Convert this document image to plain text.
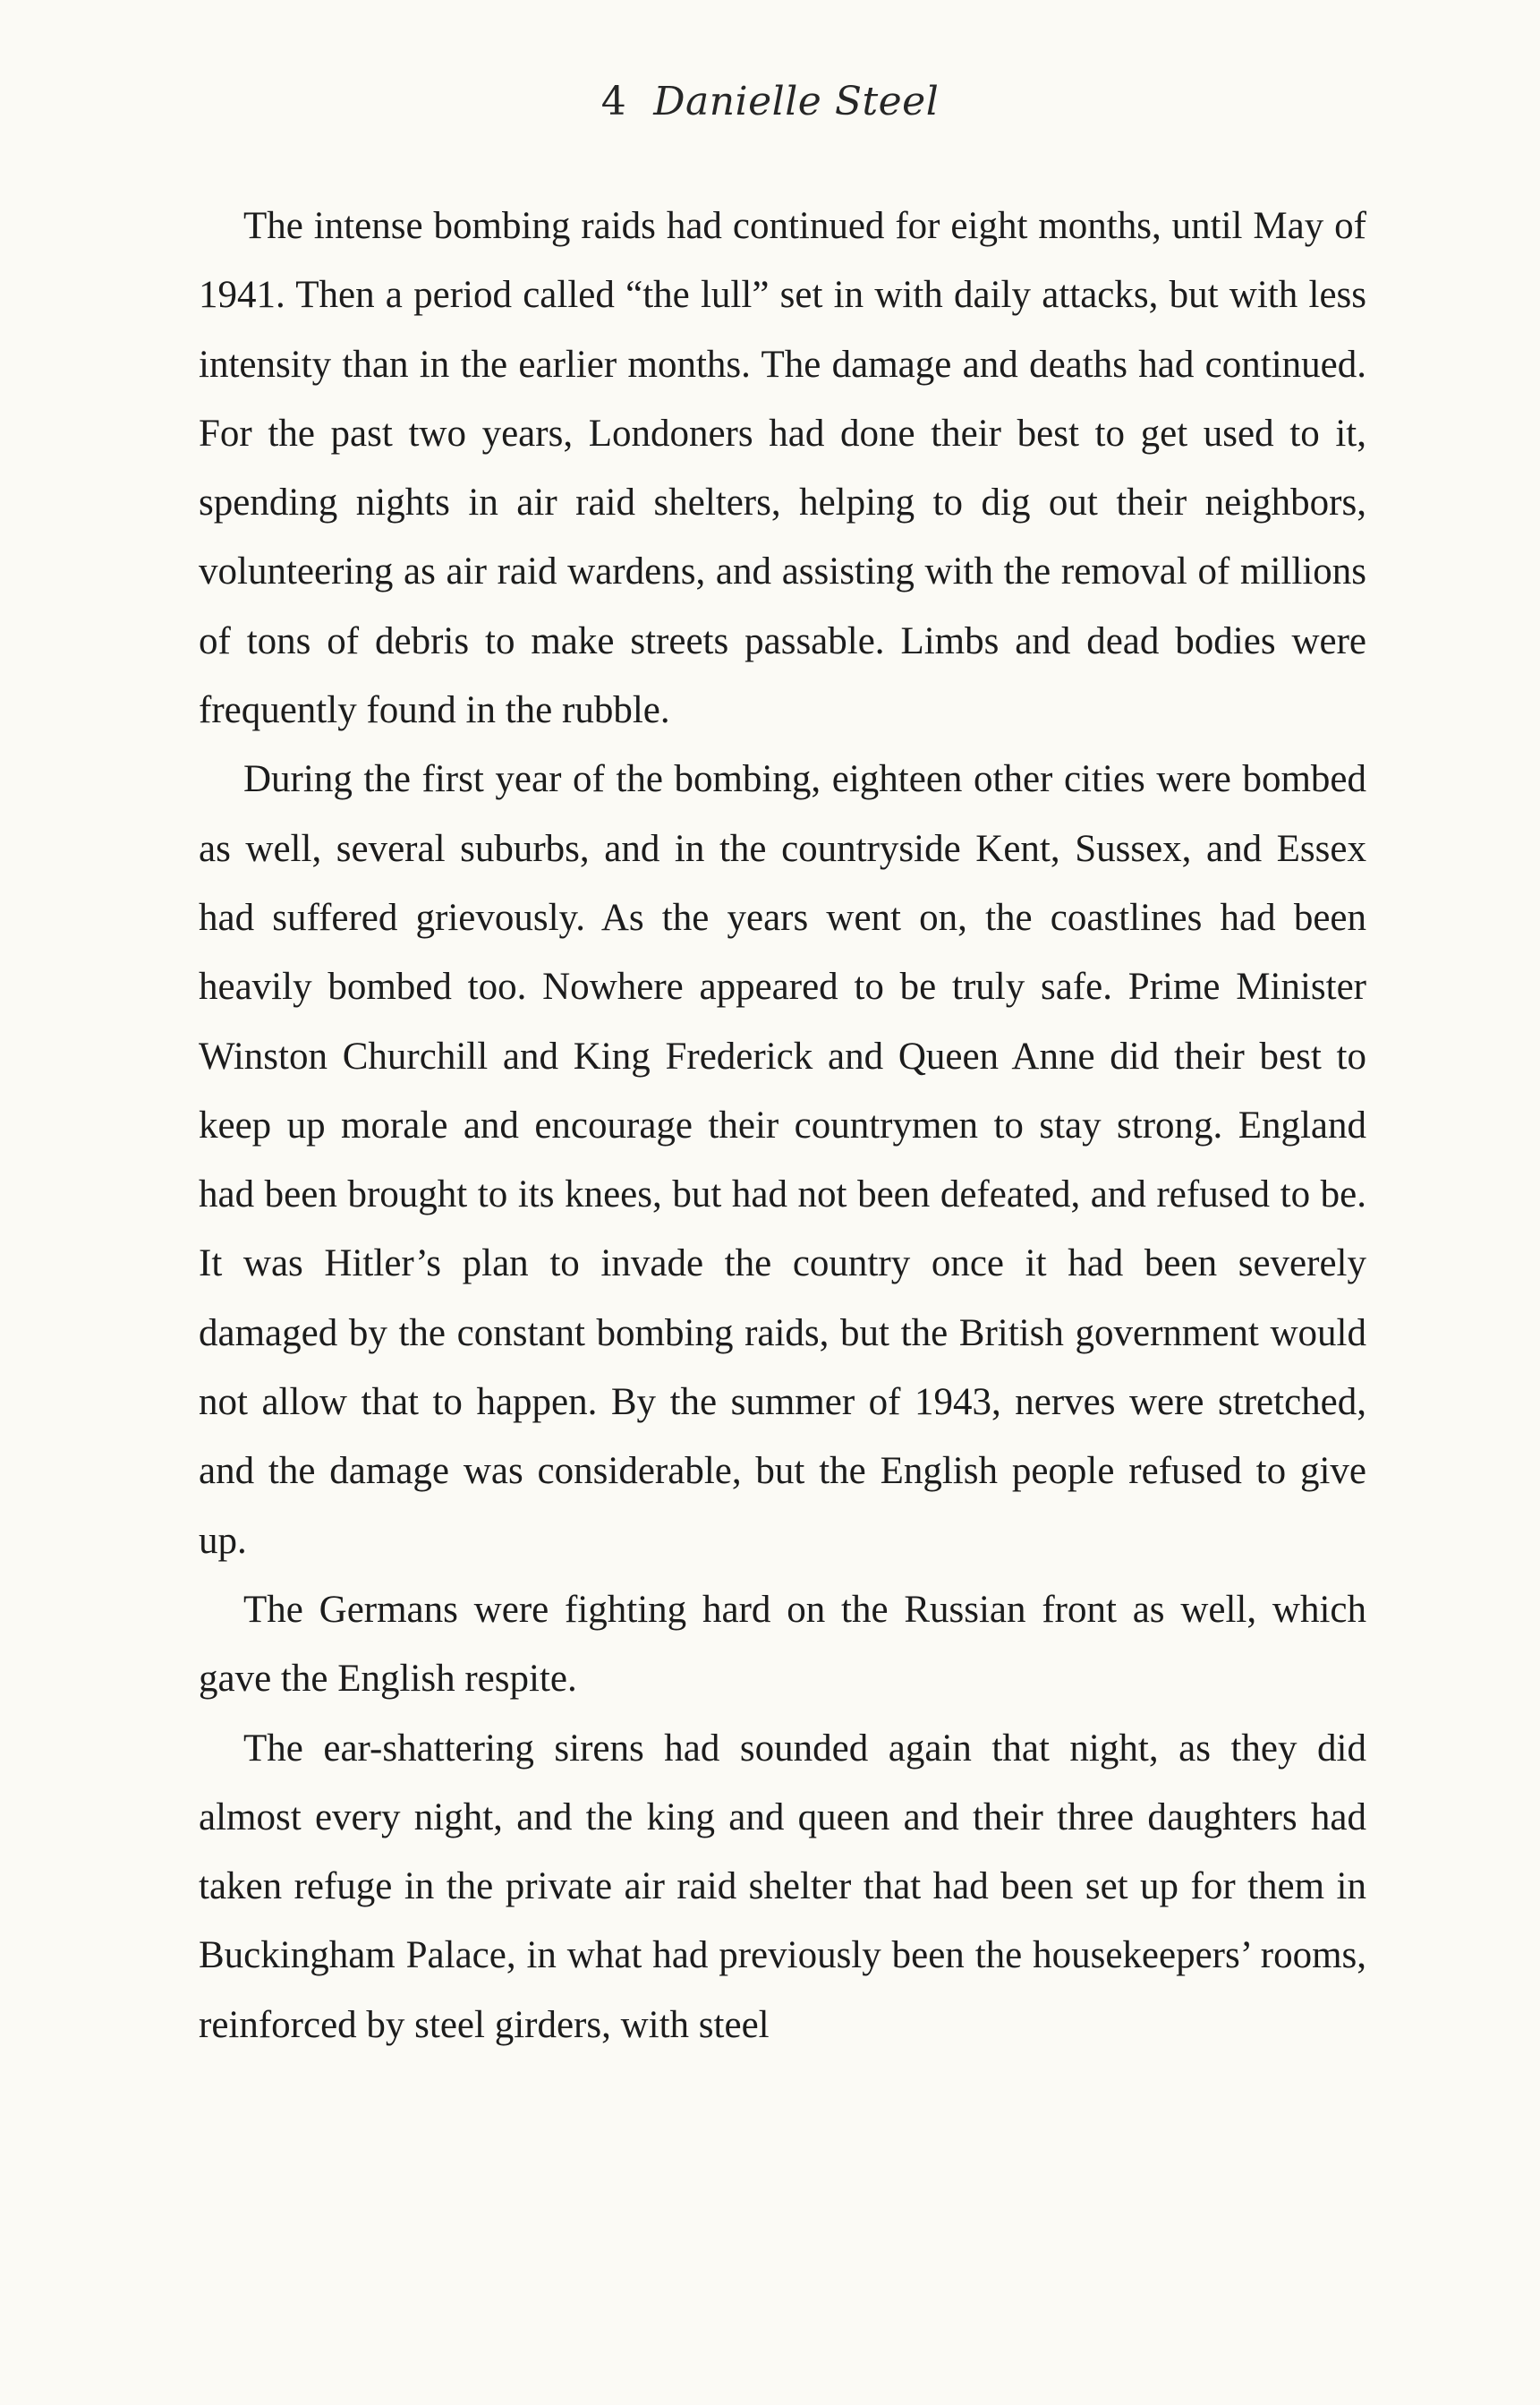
4 Danielle Steel

The intense bombing raids had continued for eight months, until May of 1941. Then a period called “the lull” set in with daily attacks, but with less intensity than in the earlier months. The damage and deaths had continued. For the past two years, Londoners had done their best to get used to it, spending nights in air raid shelters, helping to dig out their neighbors, volunteering as air raid wardens, and assisting with the removal of millions of tons of debris to make streets passable. Limbs and dead bodies were frequently found in the rubble.

During the first year of the bombing, eighteen other cities were bombed as well, several suburbs, and in the countryside Kent, Sussex, and Essex had suffered grievously. As the years went on, the coastlines had been heavily bombed too. Nowhere appeared to be truly safe. Prime Minister Winston Churchill and King Frederick and Queen Anne did their best to keep up morale and encourage their countrymen to stay strong. England had been brought to its knees, but had not been defeated, and refused to be. It was Hitler’s plan to invade the country once it had been severely damaged by the constant bombing raids, but the British government would not allow that to happen. By the summer of 1943, nerves were stretched, and the damage was considerable, but the English people refused to give up.

The Germans were fighting hard on the Russian front as well, which gave the English respite.

The ear-shattering sirens had sounded again that night, as they did almost every night, and the king and queen and their three daughters had taken refuge in the private air raid shelter that had been set up for them in Buckingham Palace, in what had previously been the housekeepers’ rooms, reinforced by steel girders, with steel
